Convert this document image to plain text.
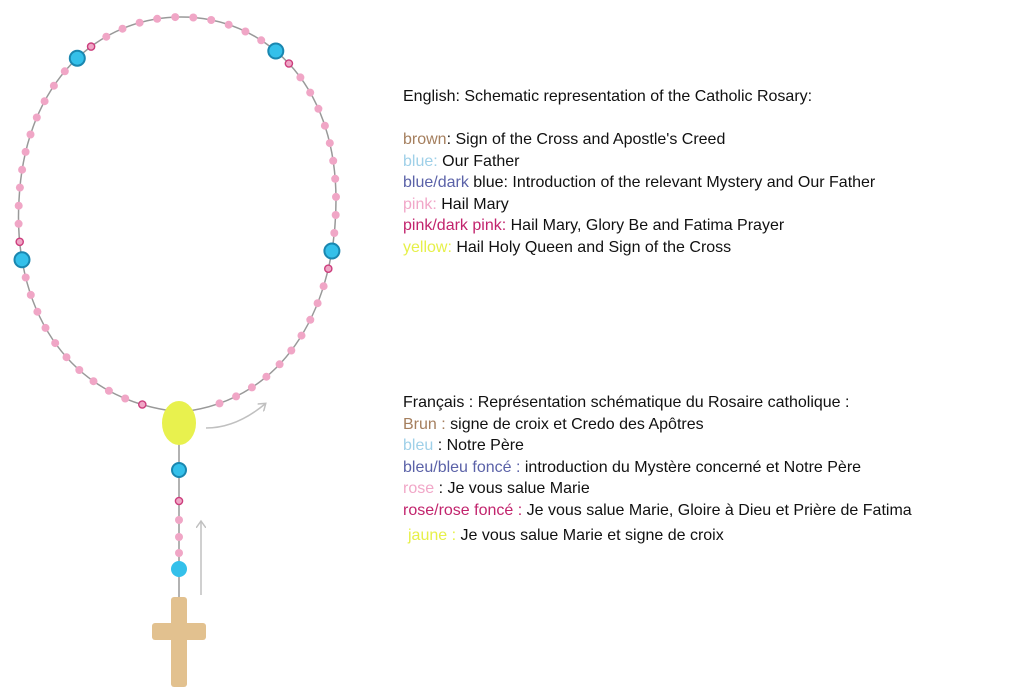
English: Schematic representation of the Catholic Rosary:
brown: Sign of the Cross and Apostle's Creed
blue: Our Father
blue/dark blue: Introduction of the relevant Mystery and Our Father
pink: Hail Mary
pink/dark pink: Hail Mary, Glory Be and Fatima Prayer
yellow: Hail Holy Queen and Sign of the Cross
Français : Représentation schématique du Rosaire catholique :
Brun : signe de croix et Credo des Apôtres
bleu : Notre Père
bleu/bleu foncé : introduction du Mystère concerné et Notre Père
rose : Je vous salue Marie
rose/rose foncé : Je vous salue Marie, Gloire à Dieu et Prière de Fatima
jaune : Je vous salue Marie et signe de croix
